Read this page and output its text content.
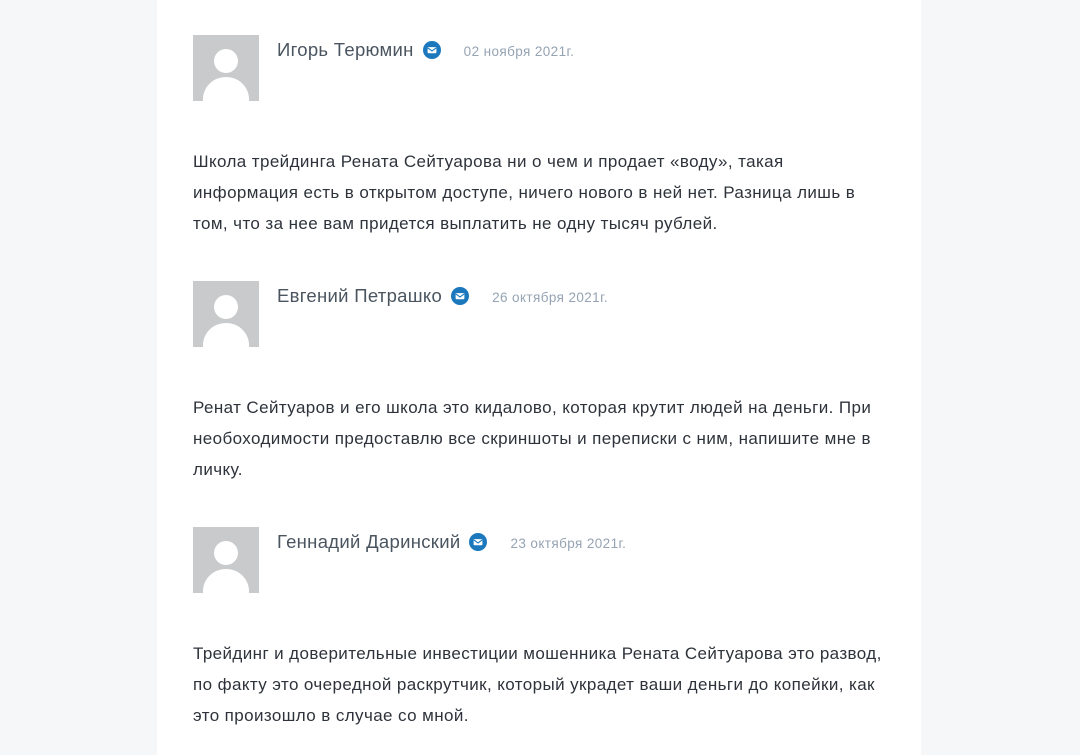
Игорь Терюмин	02 ноября 2021г.

Школа трейдинга Рената Сейтуарова ни о чем и продает «воду», такая информация есть в открытом доступе, ничего нового в ней нет. Разница лишь в том, что за нее вам придется выплатить не одну тысяч рублей.

Евгений Петрашко	26 октября 2021г.

Ренат Сейтуаров и его школа это кидалово, которая крутит людей на деньги. При необоходимости предоставлю все скриншоты и переписки с ним, напишите мне в личку.

Геннадий Даринский	23 октября 2021г.

Трейдинг и доверительные инвестиции мошенника Рената Сейтуарова это развод, по факту это очередной раскрутчик, который украдет ваши деньги до копейки, как это произошло в случае со мной.
